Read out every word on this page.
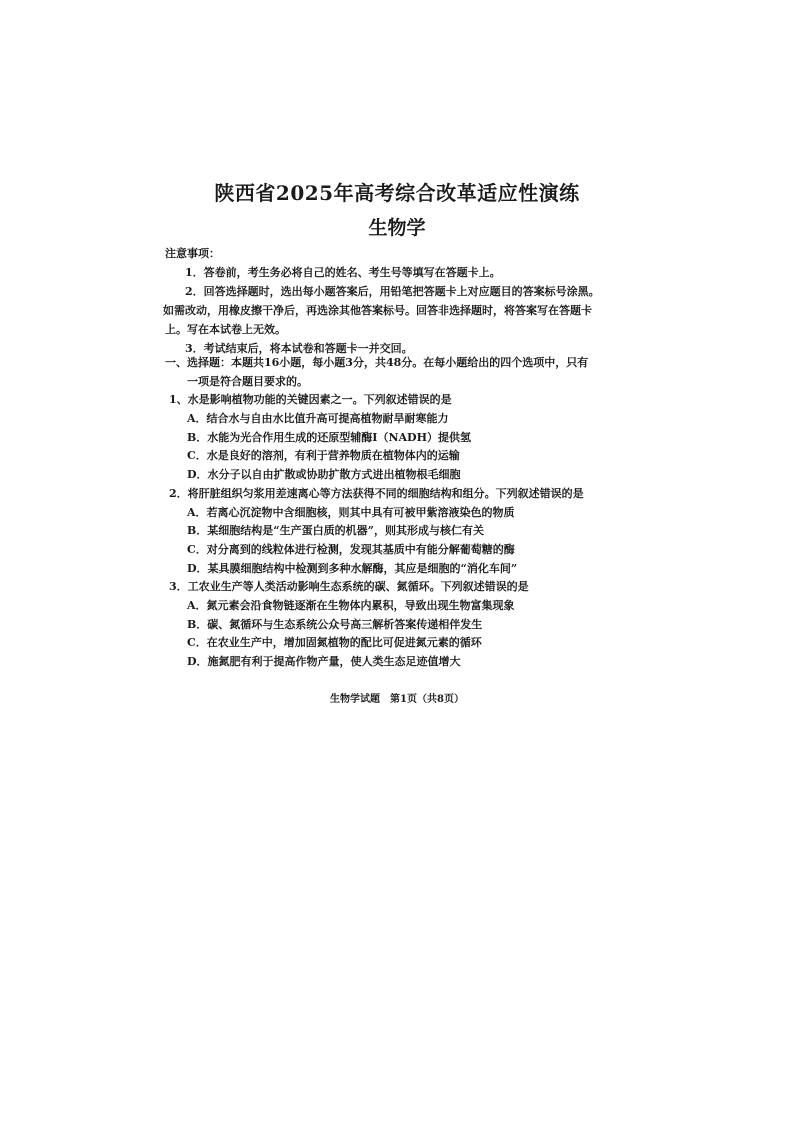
陕西省2025年高考综合改革适应性演练
生物学
注意事项：
1．答卷前，考生务必将自己的姓名、考生号等填写在答题卡上。
2．回答选择题时，选出每小题答案后，用铅笔把答题卡上对应题目的答案标号涂黑。
如需改动，用橡皮擦干净后，再选涂其他答案标号。回答非选择题时，将答案写在答题卡
上。写在本试卷上无效。
3．考试结束后，将本试卷和答题卡一并交回。
一、选择题：本题共16小题，每小题3分，共48分。在每小题给出的四个选项中，只有
一项是符合题目要求的。
1、水是影响植物功能的关键因素之一。下列叙述错误的是
A．结合水与自由水比值升高可提高植物耐旱耐寒能力
B．水能为光合作用生成的还原型辅酶I（NADH）提供氢
C．水是良好的溶剂，有利于营养物质在植物体内的运输
D．水分子以自由扩散或协助扩散方式进出植物根毛细胞
2．将肝脏组织匀浆用差速离心等方法获得不同的细胞结构和组分。下列叙述错误的是
A．若离心沉淀物中含细胞核，则其中具有可被甲紫溶液染色的物质
B．某细胞结构是“生产蛋白质的机器”，则其形成与核仁有关
C．对分离到的线粒体进行检测，发现其基质中有能分解葡萄糖的酶
D．某具膜细胞结构中检测到多种水解酶，其应是细胞的“消化车间”
3．工农业生产等人类活动影响生态系统的碳、氮循环。下列叙述错误的是
A．氮元素会沿食物链逐渐在生物体内累积，导致出现生物富集现象
B．碳、氮循环与生态系统公众号高三解析答案传递相伴发生
C．在农业生产中，增加固氮植物的配比可促进氮元素的循环
D．施氮肥有利于提高作物产量，使人类生态足迹值增大
生物学试题　第1页（共8页）
